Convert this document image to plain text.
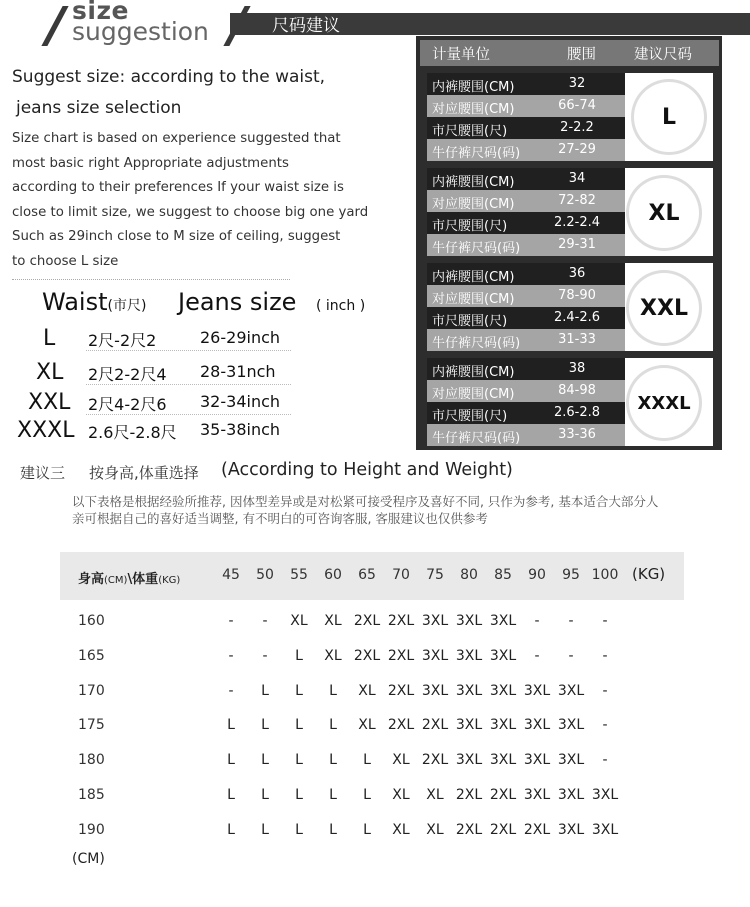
size
suggestion	尺码建议
Suggest size: according to the waist,
jeans size selection
Size chart is based on experience suggested that
most basic right Appropriate adjustments
according to their preferences If your waist size is
close to limit size, we suggest to choose big one yard
Such as 29inch close to M size of ceiling, suggest
to choose L size
Waist(市尺) Jeans size ( inch )
L 2尺-2尺2	26-29inch
XL 2尺2-2尺4 28-31nch
XXL 2尺4-2尺6 32-34inch
XXXL 2.6尺-2.8尺 35-38inch
计量单位	腰围	建议尺码
内裤腰围(CM)	32
对应腰围(CM)	66-74
市尺腰围(尺)	2-2.2
牛仔裤尺码(码)	27-29
L
内裤腰围(CM)	34
对应腰围(CM)	72-82
市尺腰围(尺)	2.2-2.4
牛仔裤尺码(码)	29-31
XL
内裤腰围(CM)	36
对应腰围(CM)	78-90
市尺腰围(尺)	2.4-2.6
牛仔裤尺码(码)	31-33
XXL
内裤腰围(CM)	38
对应腰围(CM)	84-98
市尺腰围(尺)	2.6-2.8
牛仔裤尺码(码)	33-36
XXXL
建议三 按身高,体重选择 (According to Height and Weight)
以下表格是根据经验所推荐, 因体型差异或是对松紧可接受程序及喜好不同, 只作为参考, 基本适合大部分人
亲可根据自己的喜好适当调整, 有不明白的可咨询客服, 客服建议也仅供参考
身高(CM)\体重(KG)	(KG)
45 50 55 60 65 70 75 80 85 90 95 100
160	- - XL XL 2XL 2XL 3XL 3XL 3XL - - -
165	- - L XL 2XL 2XL 3XL 3XL 3XL - - -
170	- L L L XL 2XL 3XL 3XL 3XL 3XL 3XL -
175	L L L L XL 2XL 2XL 3XL 3XL 3XL 3XL -
180	L L L L L XL 2XL 3XL 3XL 3XL 3XL -
185	L L L L L XL XL 2XL 2XL 3XL 3XL 3XL
190	L L L L L XL XL 2XL 2XL 2XL 3XL 3XL
(CM)
